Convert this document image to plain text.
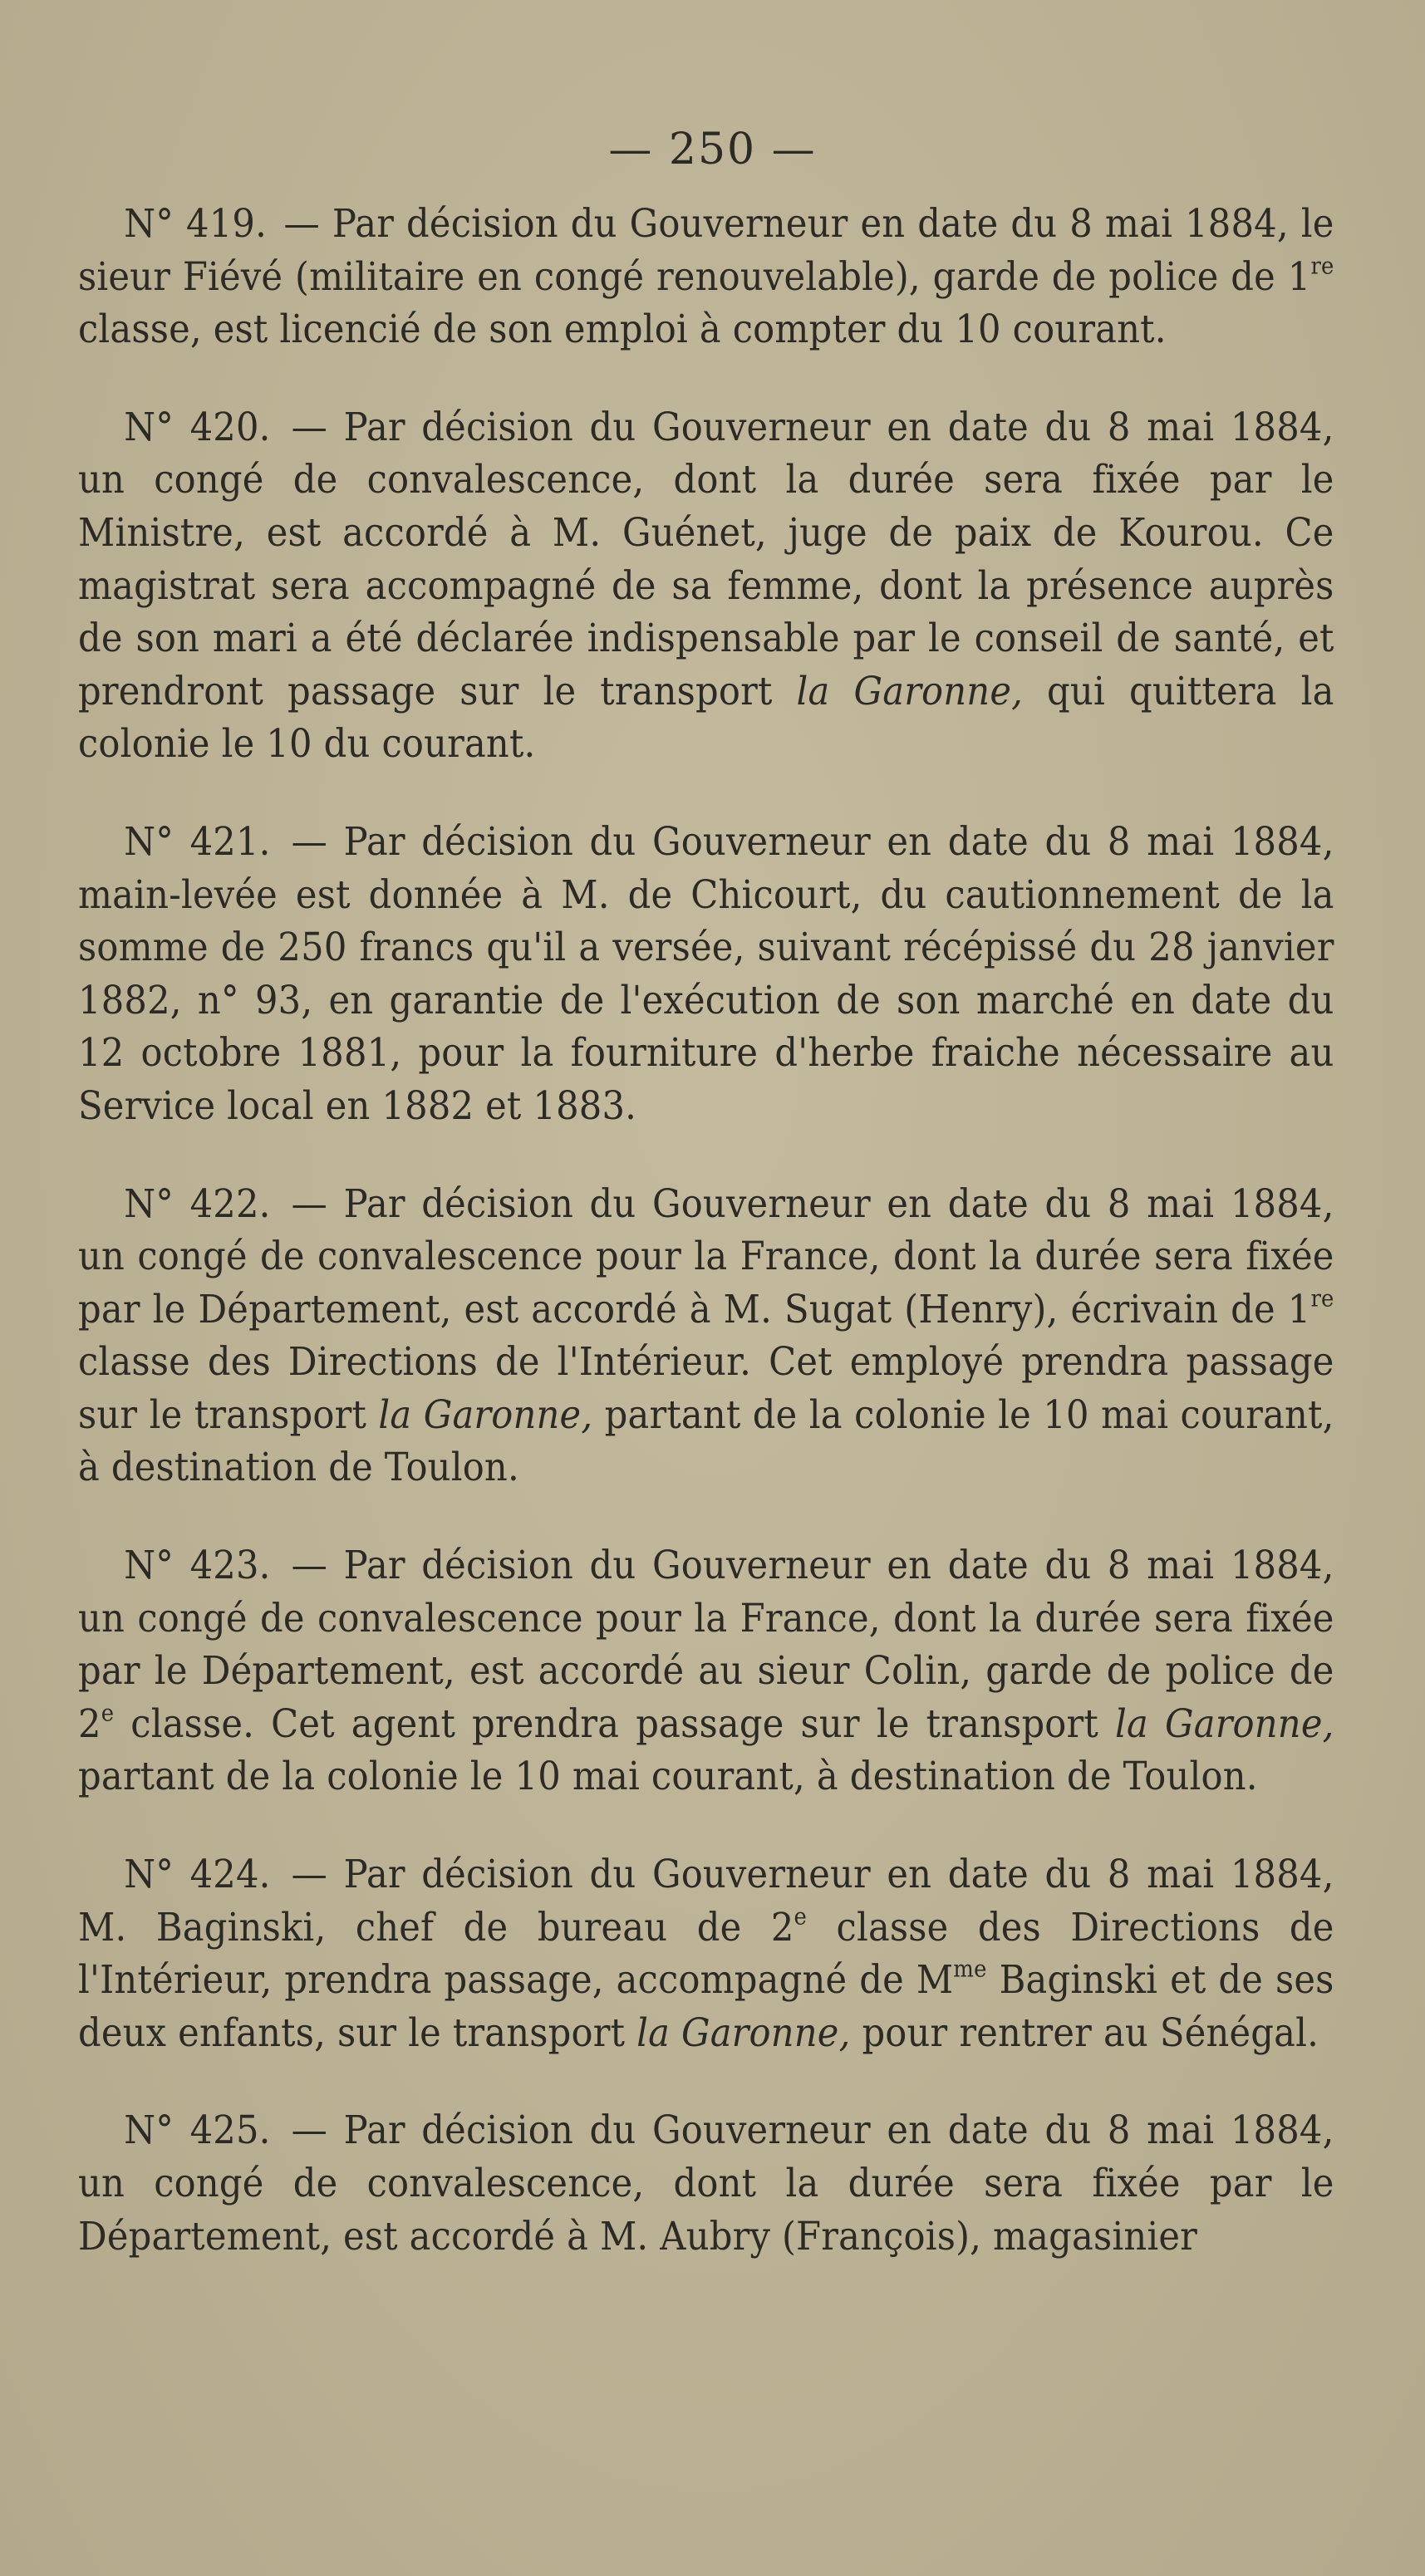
— 250 —

N° 419. — Par décision du Gouverneur en date du 8 mai 1884, le sieur Fiévé (militaire en congé renouvelable), garde de police de 1re classe, est licencié de son emploi à compter du 10 courant.

N° 420. — Par décision du Gouverneur en date du 8 mai 1884, un congé de convalescence, dont la durée sera fixée par le Ministre, est accordé à M. Guénet, juge de paix de Kourou. Ce magistrat sera accompagné de sa femme, dont la présence auprès de son mari a été déclarée indispensable par le conseil de santé, et prendront passage sur le transport la Garonne, qui quittera la colonie le 10 du courant.

N° 421. — Par décision du Gouverneur en date du 8 mai 1884, main-levée est donnée à M. de Chicourt, du cautionnement de la somme de 250 francs qu'il a versée, suivant récépissé du 28 janvier 1882, n° 93, en garantie de l'exécution de son marché en date du 12 octobre 1881, pour la fourniture d'herbe fraiche nécessaire au Service local en 1882 et 1883.

N° 422. — Par décision du Gouverneur en date du 8 mai 1884, un congé de convalescence pour la France, dont la durée sera fixée par le Département, est accordé à M. Sugat (Henry), écrivain de 1re classe des Directions de l'Intérieur. Cet employé prendra passage sur le transport la Garonne, partant de la colonie le 10 mai courant, à destination de Toulon.

N° 423. — Par décision du Gouverneur en date du 8 mai 1884, un congé de convalescence pour la France, dont la durée sera fixée par le Département, est accordé au sieur Colin, garde de police de 2e classe. Cet agent prendra passage sur le transport la Garonne, partant de la colonie le 10 mai courant, à destination de Toulon.

N° 424. — Par décision du Gouverneur en date du 8 mai 1884, M. Baginski, chef de bureau de 2e classe des Directions de l'Intérieur, prendra passage, accompagné de $M^{me}$ Baginski et de ses deux enfants, sur le transport la Garonne, pour rentrer au Sénégal.

N° 425. — Par décision du Gouverneur en date du 8 mai 1884, un congé de convalescence, dont la durée sera fixée par le Département, est accordé à M. Aubry (François), magasinier
